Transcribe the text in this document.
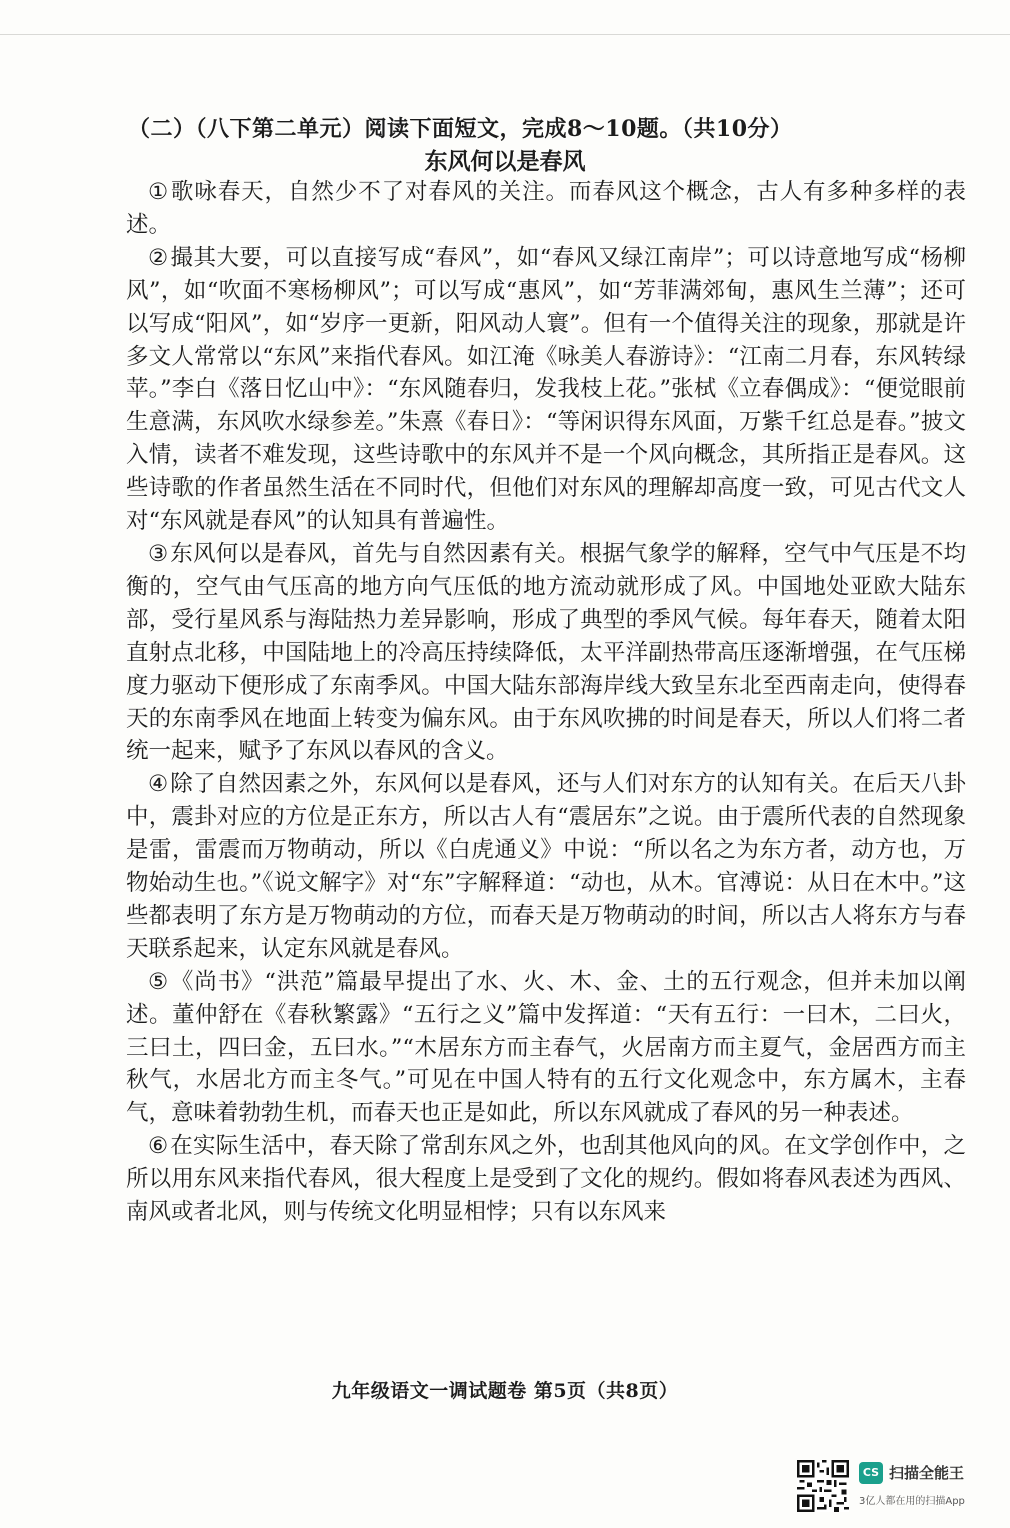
（二）（八下第二单元）阅读下面短文，完成8～10题。（共10分）
东风何以是春风

①歌咏春天，自然少不了对春风的关注。而春风这个概念，古人有多种多样的表述。

②撮其大要，可以直接写成“春风”，如“春风又绿江南岸”；可以诗意地写成“杨柳风”，如“吹面不寒杨柳风”；可以写成“惠风”，如“芳菲满郊甸，惠风生兰薄”；还可以写成“阳风”，如“岁序一更新，阳风动人寰”。但有一个值得关注的现象，那就是许多文人常常以“东风”来指代春风。如江淹《咏美人春游诗》：“江南二月春，东风转绿苹。”李白《落日忆山中》：“东风随春归，发我枝上花。”张栻《立春偶成》：“便觉眼前生意满，东风吹水绿参差。”朱熹《春日》：“等闲识得东风面，万紫千红总是春。”披文入情，读者不难发现，这些诗歌中的东风并不是一个风向概念，其所指正是春风。这些诗歌的作者虽然生活在不同时代，但他们对东风的理解却高度一致，可见古代文人对“东风就是春风”的认知具有普遍性。

③东风何以是春风，首先与自然因素有关。根据气象学的解释，空气中气压是不均衡的，空气由气压高的地方向气压低的地方流动就形成了风。中国地处亚欧大陆东部，受行星风系与海陆热力差异影响，形成了典型的季风气候。每年春天，随着太阳直射点北移，中国陆地上的冷高压持续降低，太平洋副热带高压逐渐增强，在气压梯度力驱动下便形成了东南季风。中国大陆东部海岸线大致呈东北至西南走向，使得春天的东南季风在地面上转变为偏东风。由于东风吹拂的时间是春天，所以人们将二者统一起来，赋予了东风以春风的含义。

④除了自然因素之外，东风何以是春风，还与人们对东方的认知有关。在后天八卦中，震卦对应的方位是正东方，所以古人有“震居东”之说。由于震所代表的自然现象是雷，雷震而万物萌动，所以《白虎通义》中说：“所以名之为东方者，动方也，万物始动生也。”《说文解字》对“东”字解释道：“动也，从木。官溥说：从日在木中。”这些都表明了东方是万物萌动的方位，而春天是万物萌动的时间，所以古人将东方与春天联系起来，认定东风就是春风。

⑤《尚书》“洪范”篇最早提出了水、火、木、金、土的五行观念，但并未加以阐述。董仲舒在《春秋繁露》“五行之义”篇中发挥道：“天有五行：一曰木，二曰火，三曰土，四曰金，五曰水。”“木居东方而主春气，火居南方而主夏气，金居西方而主秋气，水居北方而主冬气。”可见在中国人特有的五行文化观念中，东方属木，主春气，意味着勃勃生机，而春天也正是如此，所以东风就成了春风的另一种表述。

⑥在实际生活中，春天除了常刮东风之外，也刮其他风向的风。在文学创作中，之所以用东风来指代春风，很大程度上是受到了文化的规约。假如将春风表述为西风、南风或者北风，则与传统文化明显相悖；只有以东风来

九年级语文一调试题卷 第5页（共8页）
CS 扫描全能王
3亿人都在用的扫描App
